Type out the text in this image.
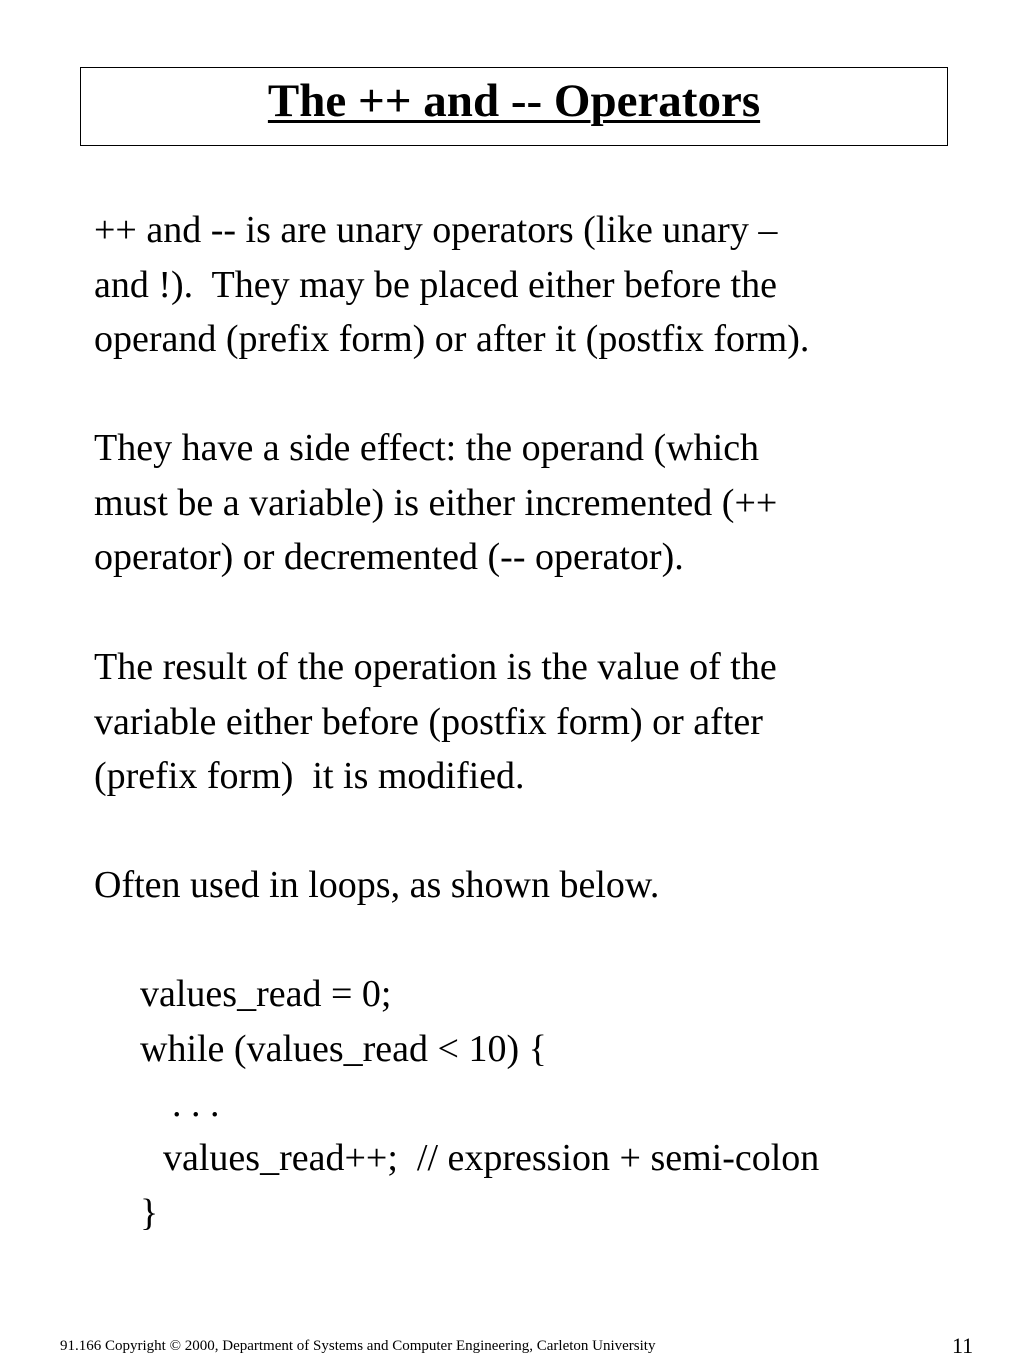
The ++ and -- Operators
++ and -- is are unary operators (like unary –
and !).  They may be placed either before the
operand (prefix form) or after it (postfix form).
They have a side effect: the operand (which
must be a variable) is either incremented (++
operator) or decremented (-- operator).
The result of the operation is the value of the
variable either before (postfix form) or after
(prefix form)  it is modified.
Often used in loops, as shown below.
values_read = 0;
while (values_read < 10) {
. . .
values_read++;  // expression + semi-colon
}
91.166 Copyright © 2000, Department of Systems and Computer Engineering, Carleton University	11
